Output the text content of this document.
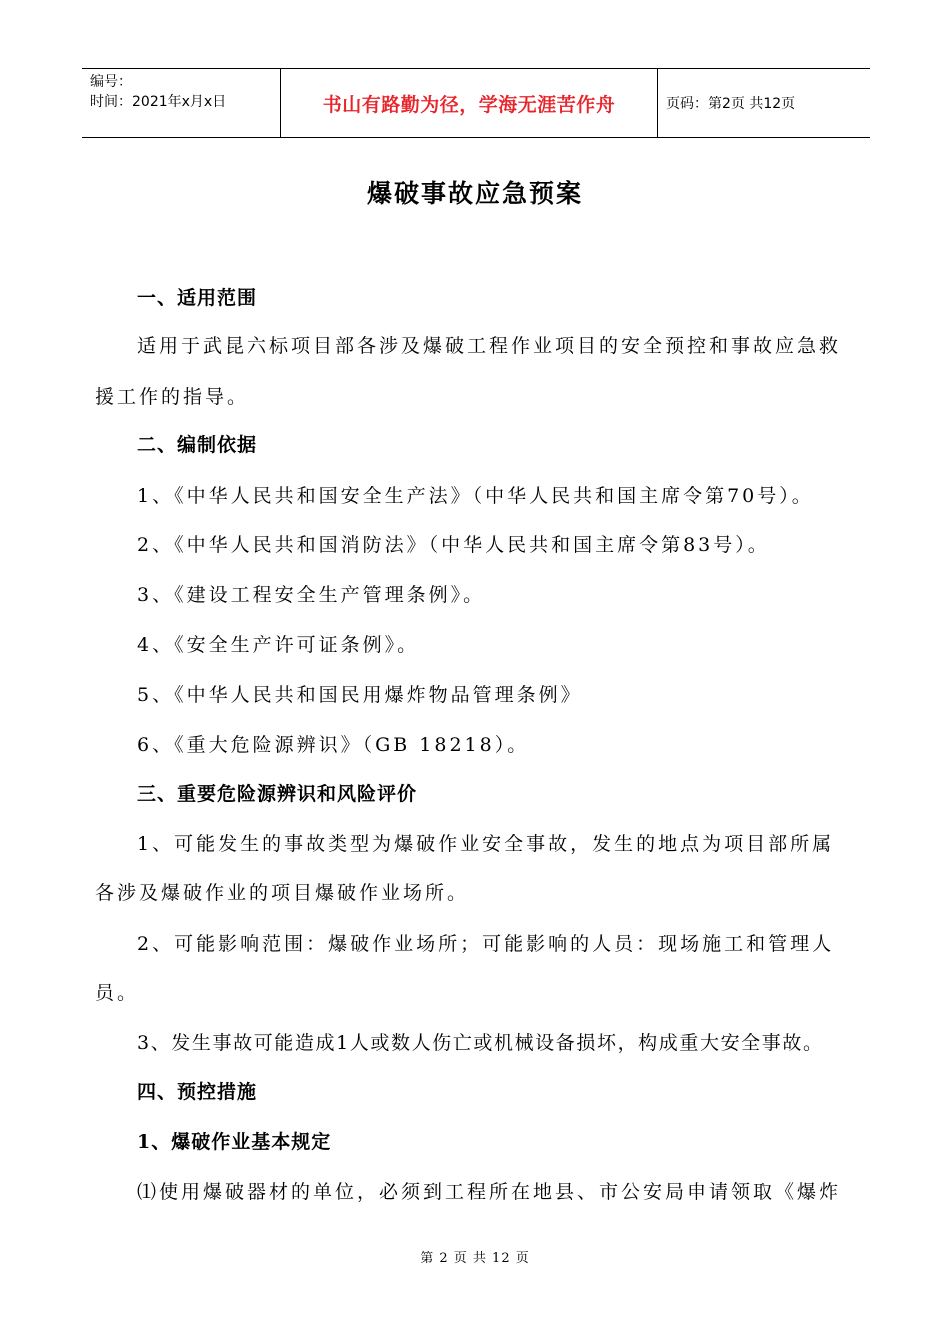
编号：
时间：2021年x月x日	书山有路勤为径，学海无涯苦作舟	页码：第2页 共12页
爆破事故应急预案
一、适用范围
适用于武昆六标项目部各涉及爆破工程作业项目的安全预控和事故应急救
援工作的指导。
二、编制依据
1、《中华人民共和国安全生产法》（中华人民共和国主席令第70号）。
2、《中华人民共和国消防法》（中华人民共和国主席令第83号）。
3、《建设工程安全生产管理条例》。
4、《安全生产许可证条例》。
5、《中华人民共和国民用爆炸物品管理条例》
6、《重大危险源辨识》（GB 18218）。
三、重要危险源辨识和风险评价
1、可能发生的事故类型为爆破作业安全事故，发生的地点为项目部所属
各涉及爆破作业的项目爆破作业场所。
2、可能影响范围：爆破作业场所；可能影响的人员：现场施工和管理人
员。
3、发生事故可能造成1人或数人伤亡或机械设备损坏，构成重大安全事故。
四、预控措施
1、爆破作业基本规定
⑴使用爆破器材的单位，必须到工程所在地县、市公安局申请领取《爆炸
第 2 页 共 12 页
